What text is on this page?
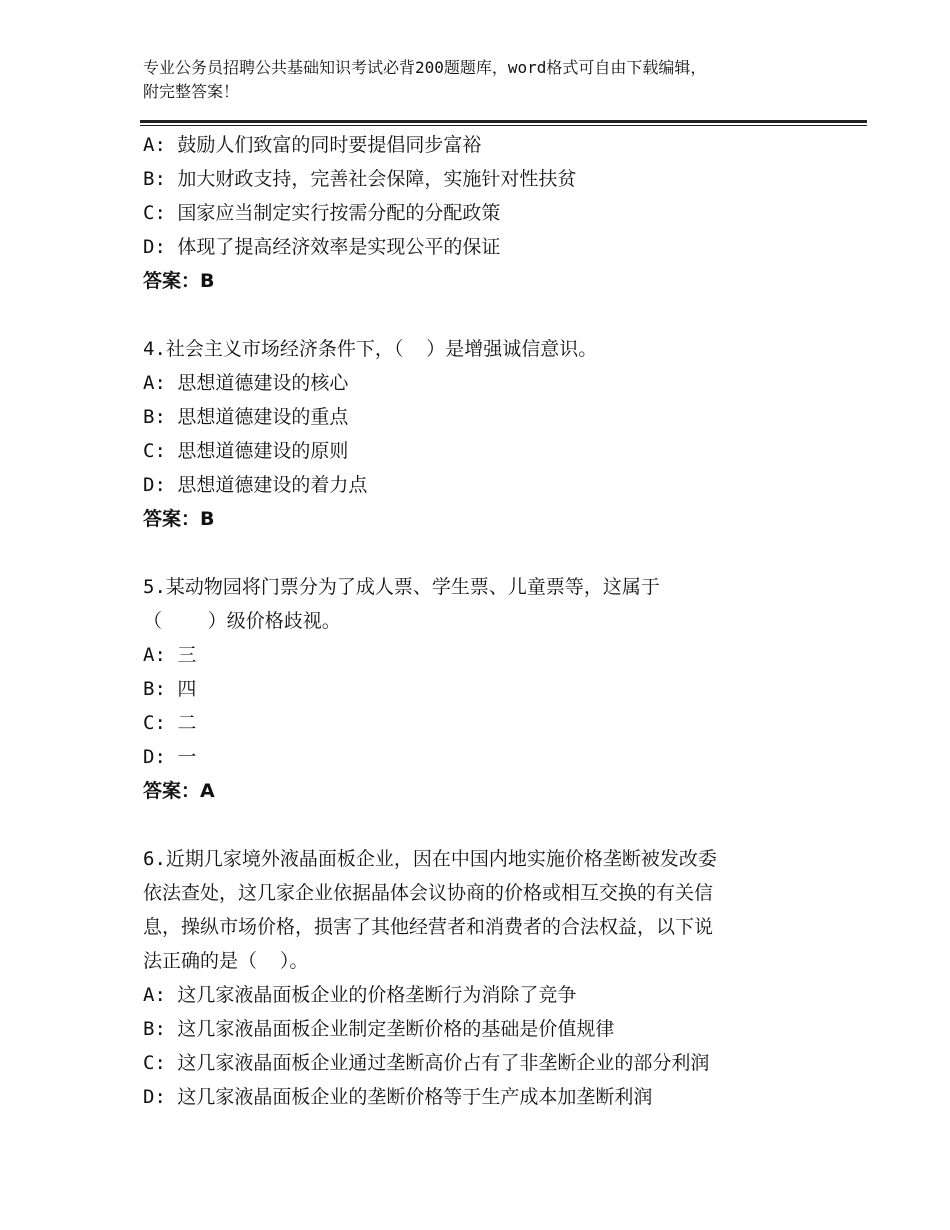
专业公务员招聘公共基础知识考试必背200题题库，word格式可自由下载编辑，
附完整答案！
A: 鼓励人们致富的同时要提倡同步富裕
B: 加大财政支持，完善社会保障，实施针对性扶贫
C: 国家应当制定实行按需分配的分配政策
D: 体现了提高经济效率是实现公平的保证
答案：B
4.社会主义市场经济条件下，（  ）是增强诚信意识。
A: 思想道德建设的核心
B: 思想道德建设的重点
C: 思想道德建设的原则
D: 思想道德建设的着力点
答案：B
5.某动物园将门票分为了成人票、学生票、儿童票等，这属于
（    ）级价格歧视。
A: 三
B: 四
C: 二
D: 一
答案：A
6.近期几家境外液晶面板企业，因在中国内地实施价格垄断被发改委
依法查处，这几家企业依据晶体会议协商的价格或相互交换的有关信
息，操纵市场价格，损害了其他经营者和消费者的合法权益，以下说
法正确的是（  ）。
A: 这几家液晶面板企业的价格垄断行为消除了竞争
B: 这几家液晶面板企业制定垄断价格的基础是价值规律
C: 这几家液晶面板企业通过垄断高价占有了非垄断企业的部分利润
D: 这几家液晶面板企业的垄断价格等于生产成本加垄断利润
